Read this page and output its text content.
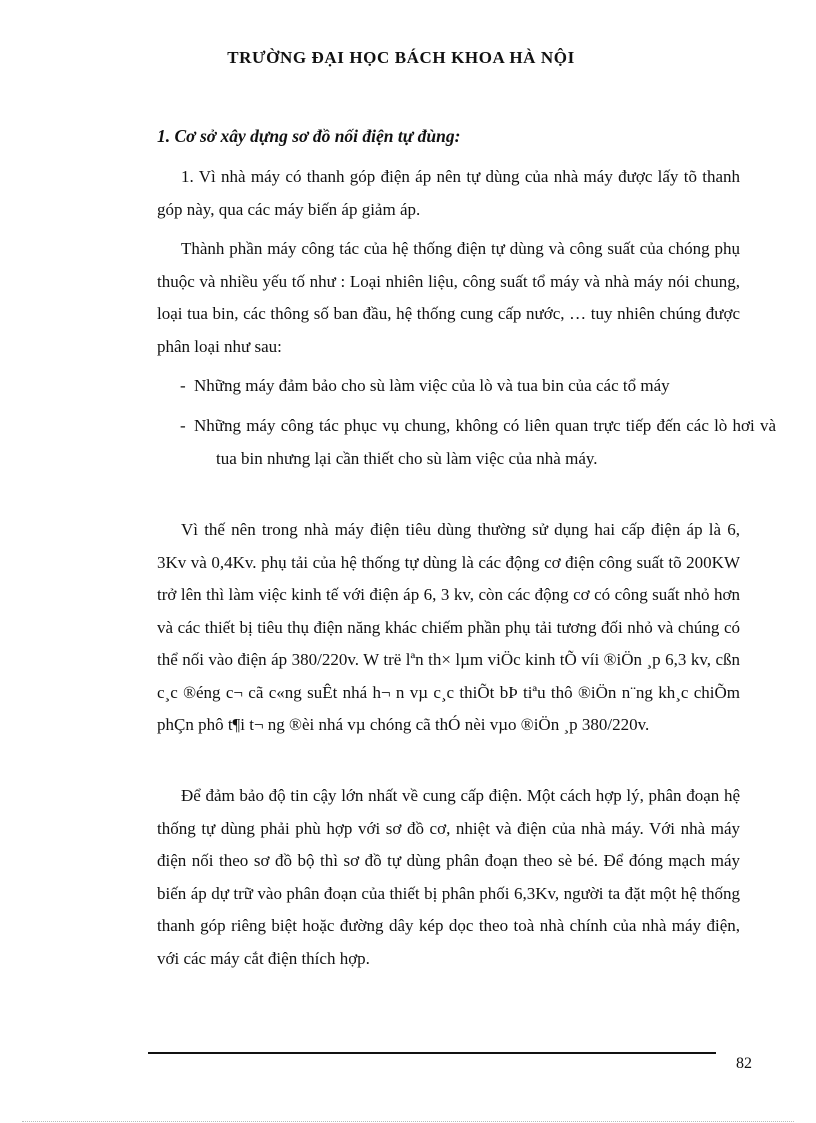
TRƯỜNG ĐẠI HỌC BÁCH KHOA HÀ NỘI
1. Cơ sở xây dựng sơ đồ nối điện tự đùng:

1. Vì nhà máy có thanh góp điện áp nên tự dùng của nhà máy được lấy tõ thanh góp này, qua các máy biến áp giảm áp.

Thành phần máy công tác của hệ thống điện tự dùng và công suất của chóng phụ thuộc và nhiều yếu tố như : Loại nhiên liệu, công suất tổ máy và nhà máy nói chung, loại tua bin, các thông số ban đầu, hệ thống cung cấp nước, … tuy nhiên chúng được phân loại như sau:

- Những máy đảm bảo cho sù làm việc của lò và tua bin của các tổ máy

- Những máy công tác phục vụ chung, không có liên quan trực tiếp đến các lò hơi và tua bin nhưng lại cần thiết cho sù làm việc của nhà máy.

Vì thế nên trong nhà máy điện tiêu dùng thường sử dụng hai cấp điện áp là 6, 3Kv và 0,4Kv. phụ tải của hệ thống tự dùng là các động cơ điện công suất tõ 200KW trở lên thì làm việc kinh tế với điện áp 6, 3 kv, còn các động cơ có công suất nhỏ hơn và các thiết bị tiêu thụ điện năng khác chiếm phần phụ tải tương đối nhỏ và chúng có thể nối vào điện áp 380/220v. W trë lªn th× lµm viÖc kinh tÕ víi ®iÖn ¸p 6,3 kv, cßn c¸c ®éng c¬ cã c«ng suÊt nhá h¬ n vµ c¸c thiÕt bÞ tiªu thô ®iÖn n¨ng kh¸c chiÕm phÇn phô t¶i t¬ ng ®èi nhá vµ chóng cã thÓ nèi vµo ®iÖn ¸p 380/220v.

Để đảm bảo độ tin cậy lớn nhất về cung cấp điện. Một cách hợp lý, phân đoạn hệ thống tự dùng phải phù hợp với sơ đồ cơ, nhiệt và điện của nhà máy. Với nhà máy điện nối theo sơ đồ bộ thì sơ đồ tự dùng phân đoạn theo sè bé. Để đóng mạch máy biến áp dự trữ vào phân đoạn của thiết bị phân phối 6,3Kv, người ta đặt một hệ thống thanh góp riêng biệt hoặc đường dây kép dọc theo toà nhà chính của nhà máy điện, với các máy cắt điện thích hợp.

82
